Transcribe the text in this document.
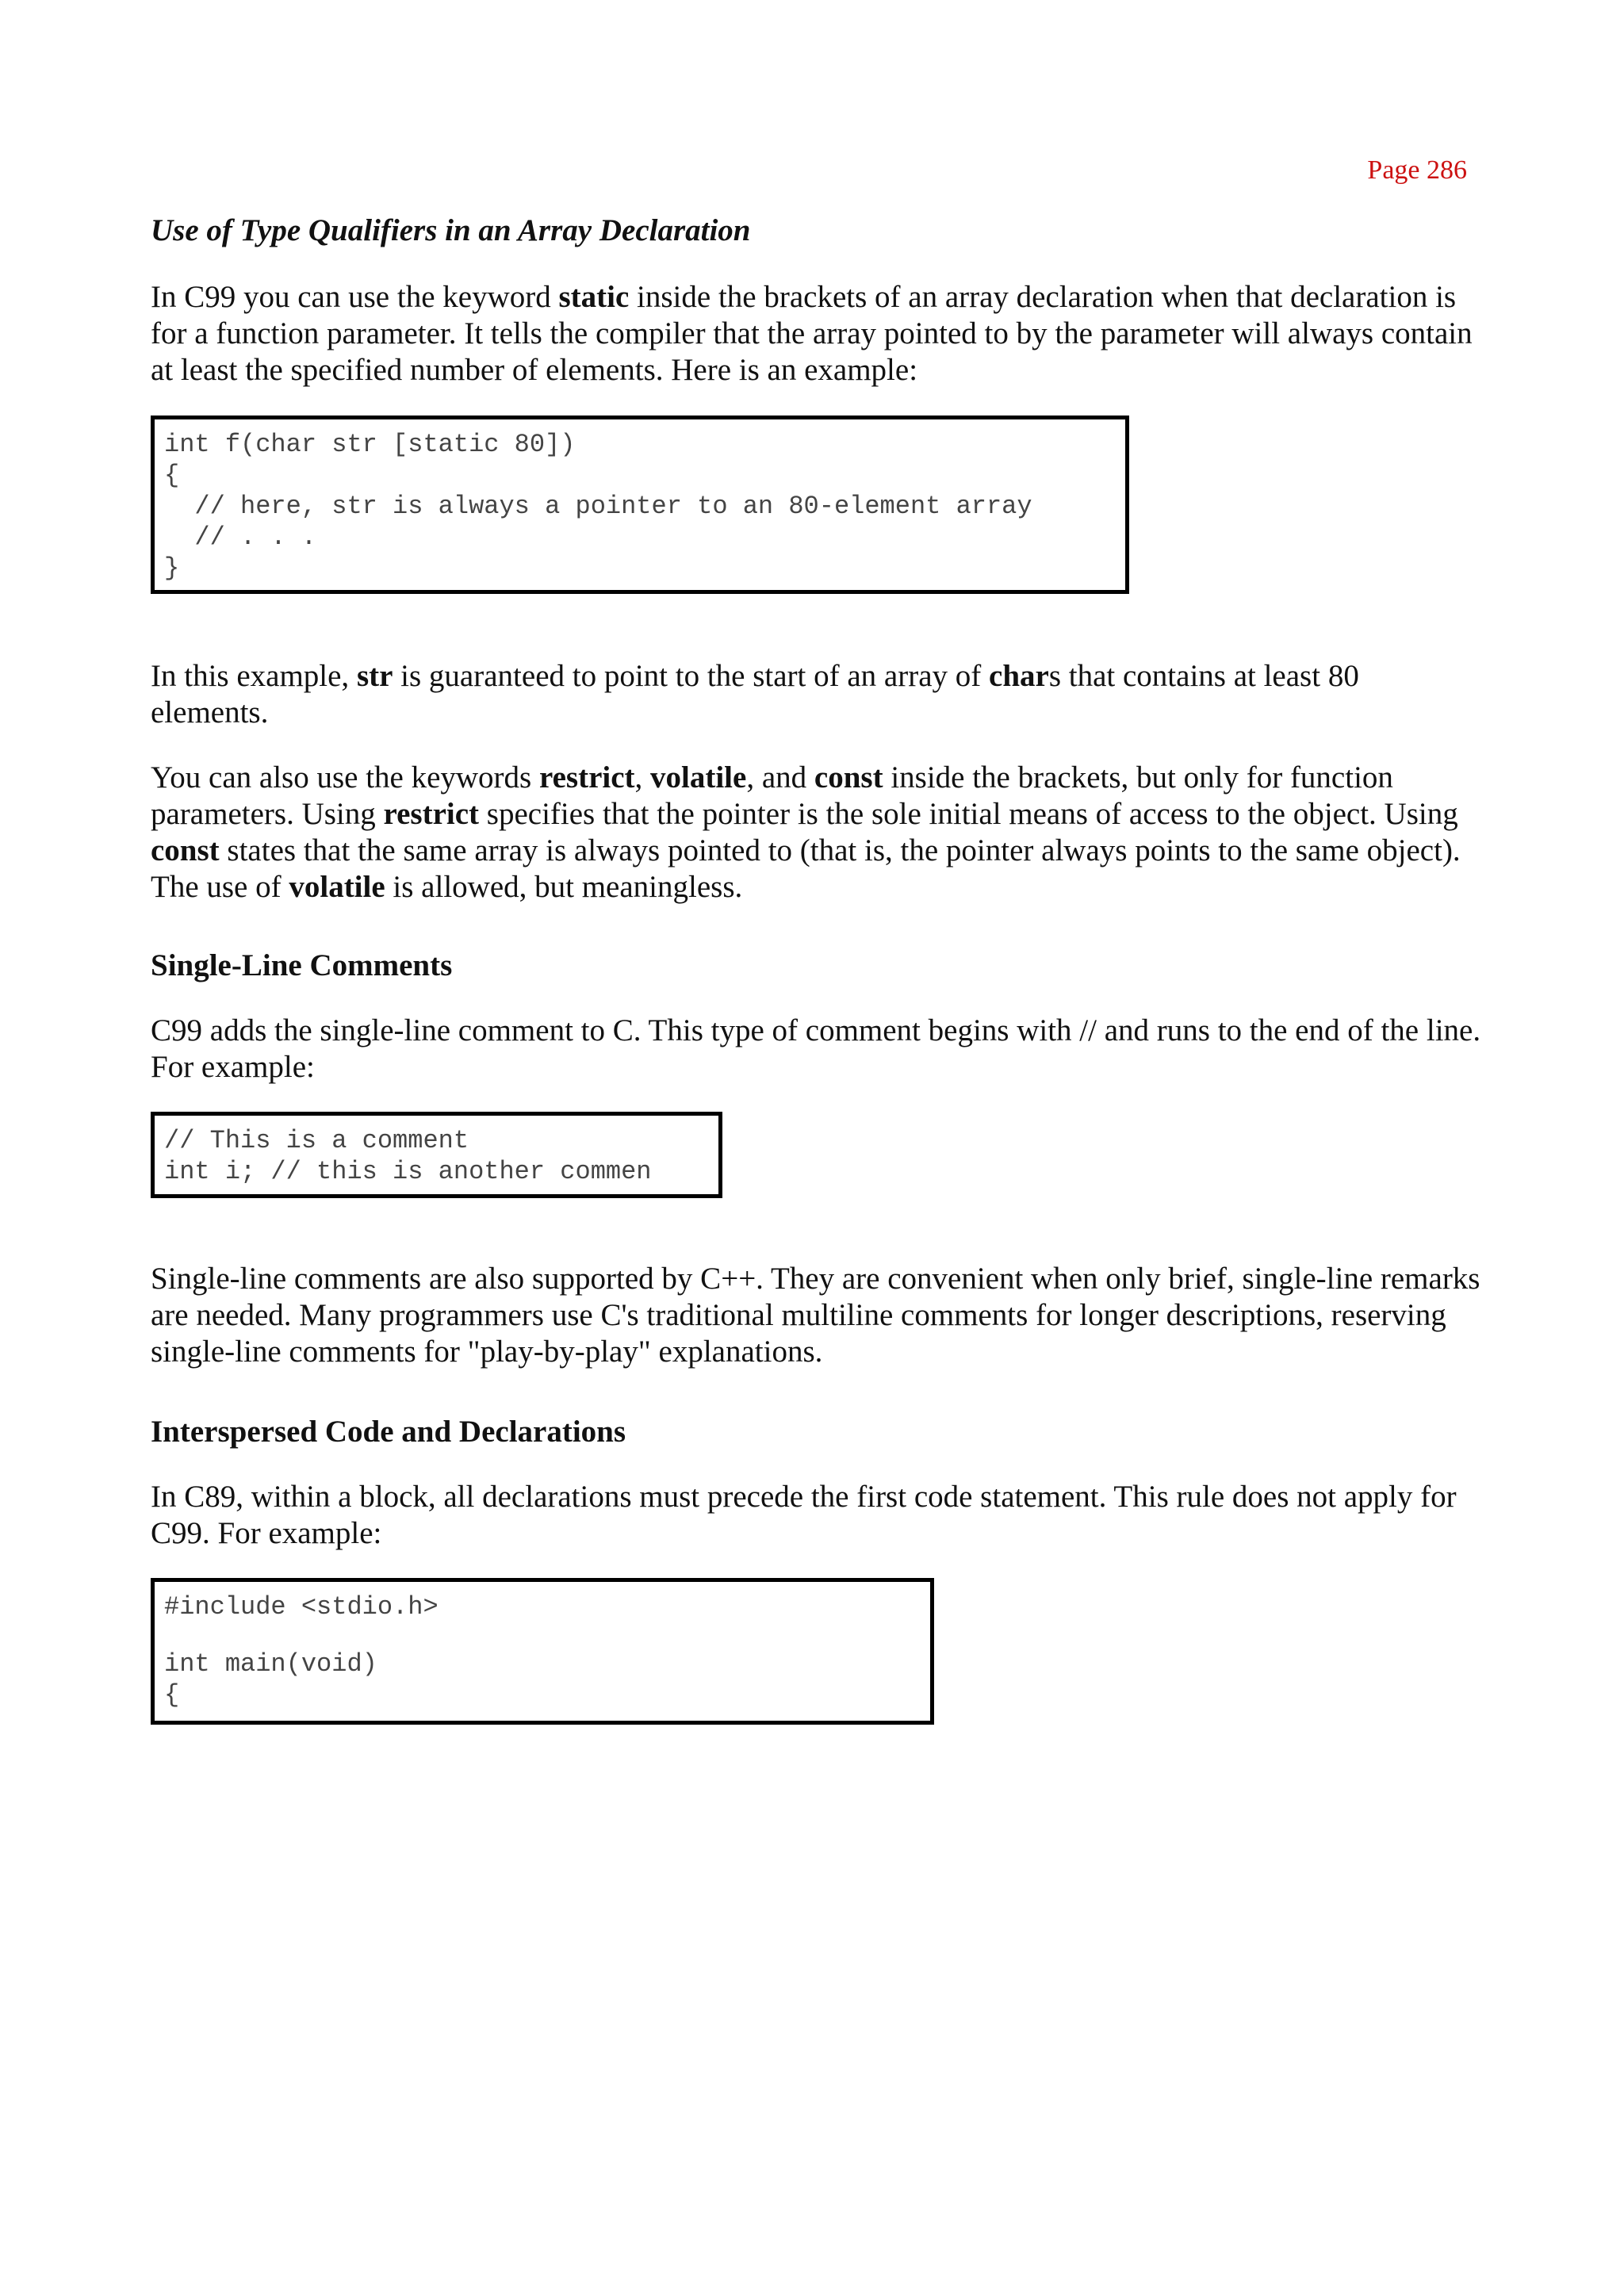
Page 286
Use of Type Qualifiers in an Array Declaration

In C99 you can use the keyword static inside the brackets of an array declaration when that declaration is for a function parameter. It tells the compiler that the array pointed to by the parameter will always contain at least the specified number of elements. Here is an example:

int f(char str [static 80])
{
// here, str is always a pointer to an 80-element array
// . . .
}

In this example, str is guaranteed to point to the start of an array of chars that contains at least 80 elements.

You can also use the keywords restrict, volatile, and const inside the brackets, but only for function parameters. Using restrict specifies that the pointer is the sole initial means of access to the object. Using const states that the same array is always pointed to (that is, the pointer always points to the same object). The use of volatile is allowed, but meaningless.

Single-Line Comments

C99 adds the single-line comment to C. This type of comment begins with // and runs to the end of the line. For example:

// This is a comment
int i; // this is another commen

Single-line comments are also supported by C++. They are convenient when only brief, single-line remarks are needed. Many programmers use C's traditional multiline comments for longer descriptions, reserving single-line comments for "play-by-play" explanations.

Interspersed Code and Declarations

In C89, within a block, all declarations must precede the first code statement. This rule does not apply for C99. For example:

#include <stdio.h>
int main(void)
{
